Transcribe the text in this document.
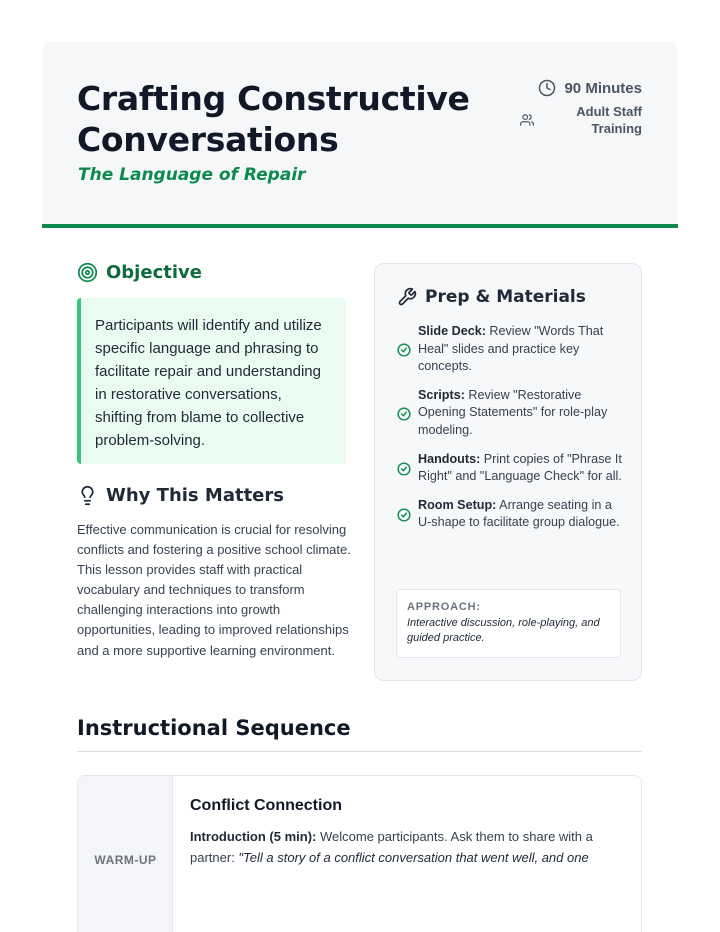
Crafting Constructive Conversations
The Language of Repair
90 Minutes
Adult Staff Training
Objective
Participants will identify and utilize specific language and phrasing to facilitate repair and understanding in restorative conversations, shifting from blame to collective problem-solving.
Why This Matters
Effective communication is crucial for resolving conflicts and fostering a positive school climate. This lesson provides staff with practical vocabulary and techniques to transform challenging interactions into growth opportunities, leading to improved relationships and a more supportive learning environment.
Prep & Materials
Slide Deck: Review "Words That Heal" slides and practice key concepts.
Scripts: Review "Restorative Opening Statements" for role-play modeling.
Handouts: Print copies of "Phrase It Right" and "Language Check" for all.
Room Setup: Arrange seating in a U-shape to facilitate group dialogue.
APPROACH:
Interactive discussion, role-playing, and guided practice.
Instructional Sequence
WARM-UP
Conflict Connection
Introduction (5 min): Welcome participants. Ask them to share with a partner: "Tell a story of a conflict conversation that went well, and one
